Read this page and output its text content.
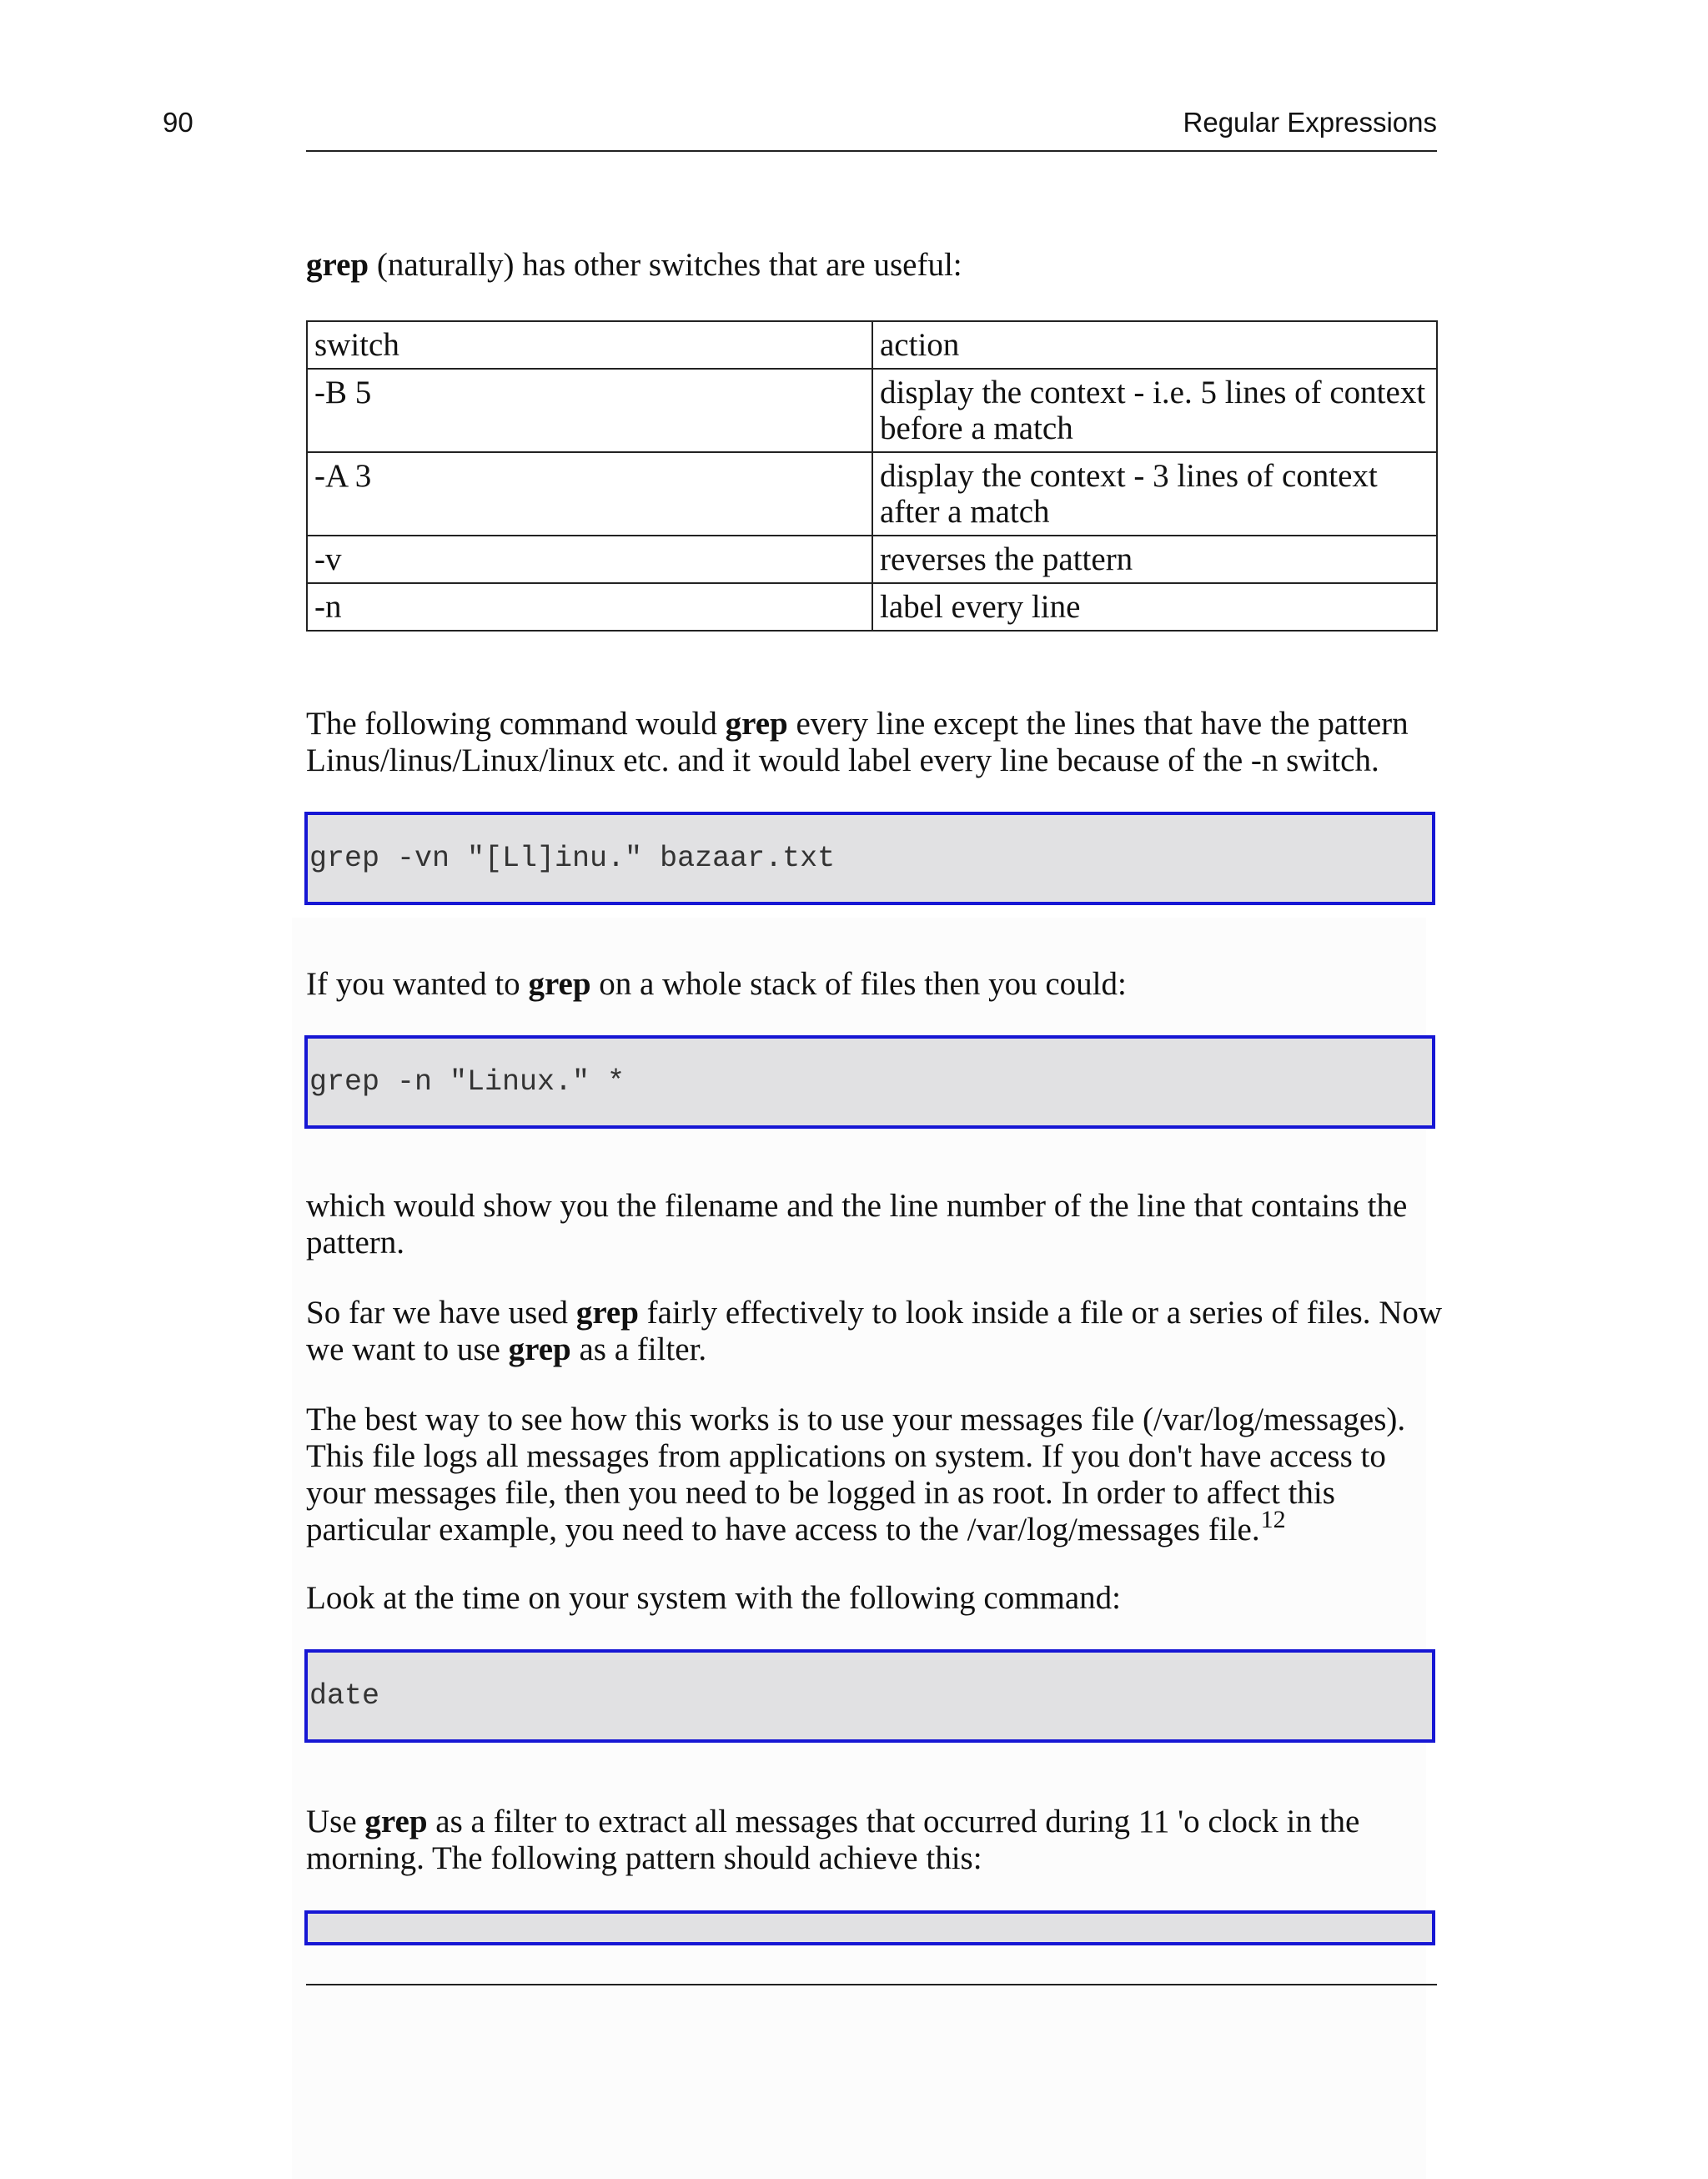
90	Regular Expressions

grep (naturally) has other switches that are useful:

switch	action
-B 5	display the context - i.e. 5 lines of context before a match
-A 3	display the context - 3 lines of context after a match
-v	reverses the pattern
-n	label every line

The following command would grep every line except the lines that have the pattern Linus/linus/Linux/linux etc. and it would label every line because of the -n switch.

grep -vn "[Ll]inu." bazaar.txt

If you wanted to grep on a whole stack of files then you could:

grep -n "Linux." *

which would show you the filename and the line number of the line that contains the pattern.

So far we have used grep fairly effectively to look inside a file or a series of files. Now we want to use grep as a filter.

The best way to see how this works is to use your messages file (/var/log/messages). This file logs all messages from applications on system. If you don't have access to your messages file, then you need to be logged in as root. In order to affect this particular example, you need to have access to the /var/log/messages file.$^{12}$

Look at the time on your system with the following command:

date

Use grep as a filter to extract all messages that occurred during 11 'o clock in the morning. The following pattern should achieve this:
